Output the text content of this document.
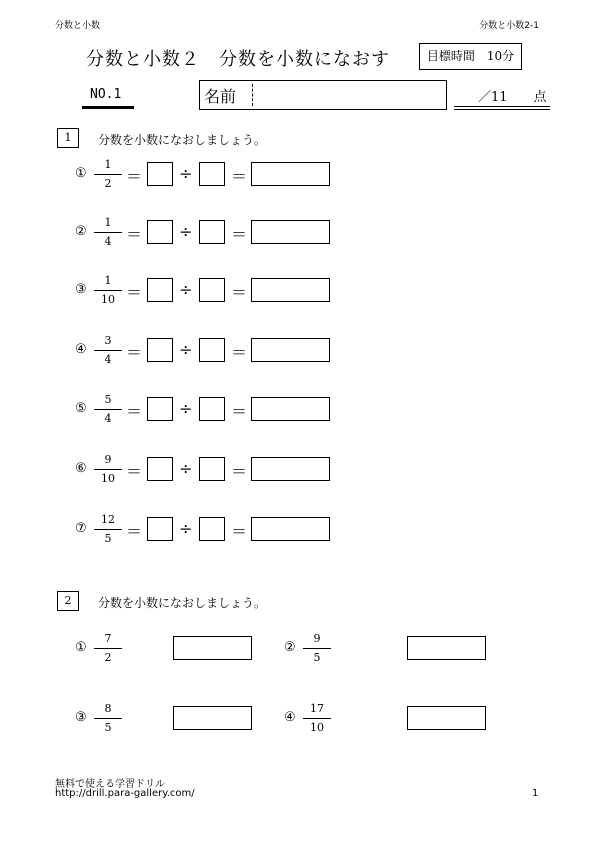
分数と小数	分数と小数2-1
分数と小数２　分数を小数になおす	目標時間　10分
NO.1	名前	／11　　点
1	分数を小数になおしましょう。
①
1
2 ＝ ÷ ＝
②
1
4 ＝ ÷ ＝
③
1
10 ＝ ÷ ＝
④
3
4 ＝ ÷ ＝
⑤
5
4 ＝ ÷ ＝
⑥
9
10 ＝ ÷ ＝
⑦
12
5 ＝ ÷ ＝
2	分数を小数になおしましょう。
①
7
2
②
9
5
③
8
5
④
17
10
無料で使える学習ドリル
http://drill.para-gallery.com/	1
